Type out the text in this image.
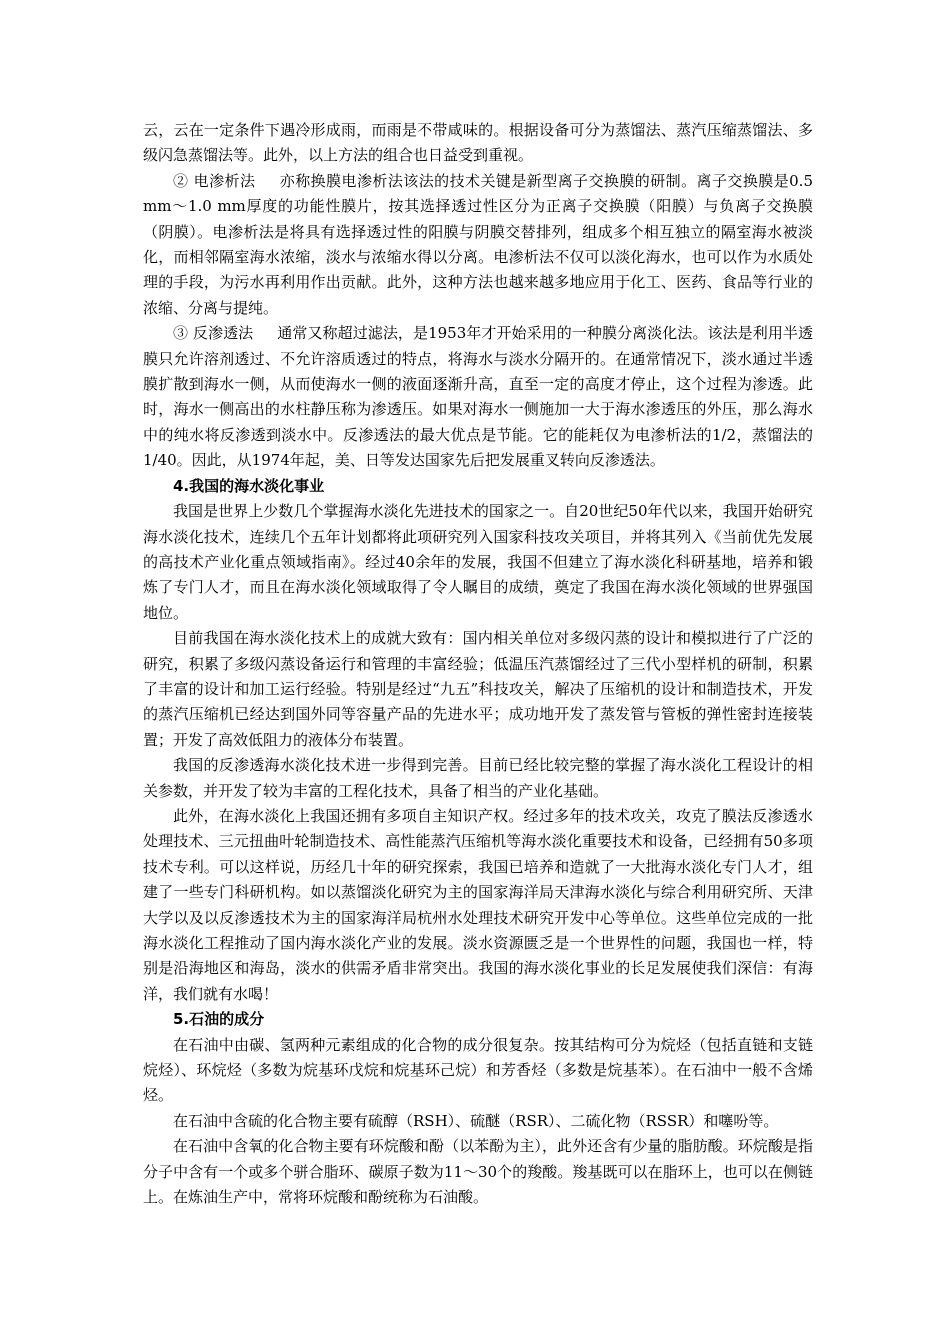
云，云在一定条件下遇冷形成雨，而雨是不带咸味的。根据设备可分为蒸馏法、蒸汽压缩蒸馏法、多级闪急蒸馏法等。此外，以上方法的组合也日益受到重视。

② 电渗析法 亦称换膜电渗析法该法的技术关键是新型离子交换膜的研制。离子交换膜是0.5 mm～1.0 mm厚度的功能性膜片，按其选择透过性区分为正离子交换膜（阳膜）与负离子交换膜（阴膜）。电渗析法是将具有选择透过性的阳膜与阴膜交替排列，组成多个相互独立的隔室海水被淡化，而相邻隔室海水浓缩，淡水与浓缩水得以分离。电渗析法不仅可以淡化海水，也可以作为水质处理的手段，为污水再利用作出贡献。此外，这种方法也越来越多地应用于化工、医药、食品等行业的浓缩、分离与提纯。

③ 反渗透法 通常又称超过滤法，是1953年才开始采用的一种膜分离淡化法。该法是利用半透膜只允许溶剂透过、不允许溶质透过的特点，将海水与淡水分隔开的。在通常情况下，淡水通过半透膜扩散到海水一侧，从而使海水一侧的液面逐渐升高，直至一定的高度才停止，这个过程为渗透。此时，海水一侧高出的水柱静压称为渗透压。如果对海水一侧施加一大于海水渗透压的外压，那么海水中的纯水将反渗透到淡水中。反渗透法的最大优点是节能。它的能耗仅为电渗析法的1/2，蒸馏法的1/40。因此，从1974年起，美、日等发达国家先后把发展重叉转向反渗透法。

4.我国的海水淡化事业

我国是世界上少数几个掌握海水淡化先进技术的国家之一。自20世纪50年代以来，我国开始研究海水淡化技术，连续几个五年计划都将此项研究列入国家科技攻关项目，并将其列入《当前优先发展的高技术产业化重点领域指南》。经过40余年的发展，我国不但建立了海水淡化科研基地，培养和锻炼了专门人才，而且在海水淡化领域取得了令人瞩目的成绩，奠定了我国在海水淡化领域的世界强国地位。

目前我国在海水淡化技术上的成就大致有：国内相关单位对多级闪蒸的设计和模拟进行了广泛的研究，积累了多级闪蒸设备运行和管理的丰富经验；低温压汽蒸馏经过了三代小型样机的研制，积累了丰富的设计和加工运行经验。特别是经过“九五”科技攻关，解决了压缩机的设计和制造技术，开发的蒸汽压缩机已经达到国外同等容量产品的先进水平；成功地开发了蒸发管与管板的弹性密封连接装置；开发了高效低阻力的液体分布装置。

我国的反渗透海水淡化技术进一步得到完善。目前已经比较完整的掌握了海水淡化工程设计的相关参数，并开发了较为丰富的工程化技术，具备了相当的产业化基础。

此外，在海水淡化上我国还拥有多项自主知识产权。经过多年的技术攻关，攻克了膜法反渗透水处理技术、三元扭曲叶轮制造技术、高性能蒸汽压缩机等海水淡化重要技术和设备，已经拥有50多项技术专利。可以这样说，历经几十年的研究探索，我国已培养和造就了一大批海水淡化专门人才，组建了一些专门科研机构。如以蒸馏淡化研究为主的国家海洋局天津海水淡化与综合利用研究所、天津大学以及以反渗透技术为主的国家海洋局杭州水处理技术研究开发中心等单位。这些单位完成的一批海水淡化工程推动了国内海水淡化产业的发展。淡水资源匮乏是一个世界性的问题，我国也一样，特别是沿海地区和海岛，淡水的供需矛盾非常突出。我国的海水淡化事业的长足发展使我们深信：有海洋，我们就有水喝！

5.石油的成分

在石油中由碳、氢两种元素组成的化合物的成分很复杂。按其结构可分为烷烃（包括直链和支链烷烃）、环烷烃（多数为烷基环戊烷和烷基环己烷）和芳香烃（多数是烷基苯）。在石油中一般不含烯烃。

在石油中含硫的化合物主要有硫醇（RSH）、硫醚（RSR）、二硫化物（RSSR）和噻吩等。

在石油中含氧的化合物主要有环烷酸和酚（以苯酚为主），此外还含有少量的脂肪酸。环烷酸是指分子中含有一个或多个骈合脂环、碳原子数为11～30个的羧酸。羧基既可以在脂环上，也可以在侧链上。在炼油生产中，常将环烷酸和酚统称为石油酸。
